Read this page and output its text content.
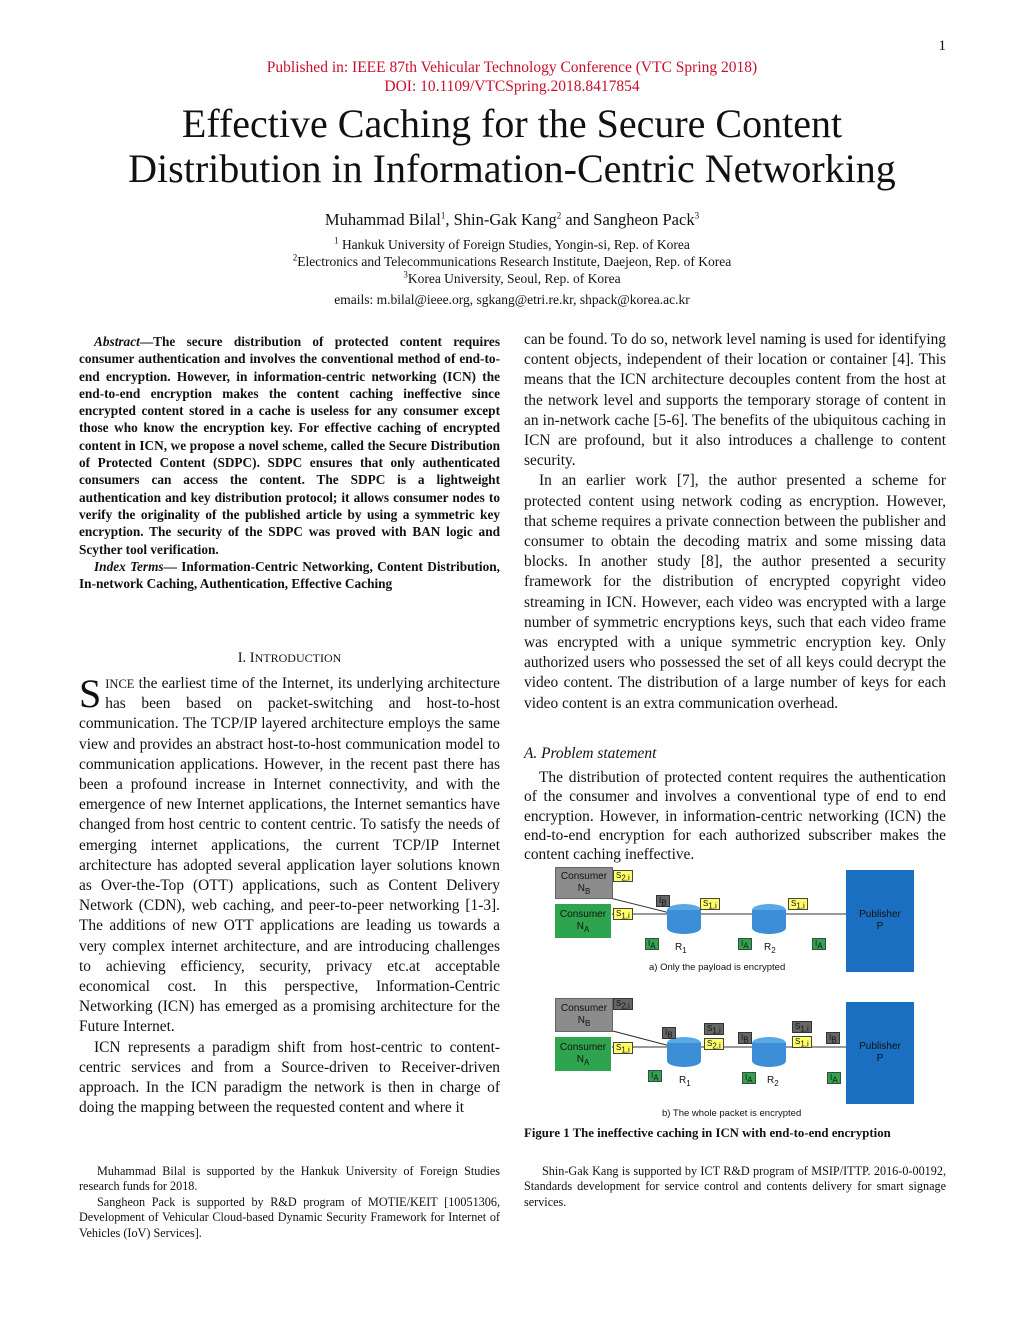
1
Published in: IEEE 87th Vehicular Technology Conference (VTC Spring 2018)
DOI: 10.1109/VTCSpring.2018.8417854
Effective Caching for the Secure Content
Distribution in Information-Centric Networking
Muhammad Bilal$^1$, Shin-Gak Kang$^2$ and Sangheon Pack$^3$
$^1$ Hankuk University of Foreign Studies, Yongin-si, Rep. of Korea
$^2$Electronics and Telecommunications Research Institute, Daejeon, Rep. of Korea
$^3$Korea University, Seoul, Rep. of Korea
emails: m.bilal@ieee.org, sgkang@etri.re.kr, shpack@korea.ac.kr

Abstract—The secure distribution of protected content requires consumer authentication and involves the conventional method of end-to-end encryption. However, in information-centric networking (ICN) the end-to-end encryption makes the content caching ineffective since encrypted content stored in a cache is useless for any consumer except those who know the encryption key. For effective caching of encrypted content in ICN, we propose a novel scheme, called the Secure Distribution of Protected Content (SDPC). SDPC ensures that only authenticated consumers can access the content. The SDPC is a lightweight authentication and key distribution protocol; it allows consumer nodes to verify the originality of the published article by using a symmetric key encryption. The security of the SDPC was proved with BAN logic and Scyther tool verification.

Index Terms— Information-Centric Networking, Content Distribution, In-network Caching, Authentication, Effective Caching

I. INTRODUCTION

SINCE the earliest time of the Internet, its underlying architecture has been based on packet-switching and host-to-host communication. The TCP/IP layered architecture employs the same view and provides an abstract host-to-host communication model to communication applications. However, in the recent past there has been a profound increase in Internet connectivity, and with the emergence of new Internet applications, the Internet semantics have changed from host centric to content centric. To satisfy the needs of emerging internet applications, the current TCP/IP Internet architecture has adopted several application layer solutions known as Over-the-Top (OTT) applications, such as Content Delivery Network (CDN), web caching, and peer-to-peer networking [1-3]. The additions of new OTT applications are leading us towards a very complex internet architecture, and are introducing challenges to achieving efficiency, security, privacy etc.at acceptable economical cost. In this perspective, Information-Centric Networking (ICN) has emerged as a promising architecture for the Future Internet.

ICN represents a paradigm shift from host-centric to content-centric services and from a Source-driven to Receiver-driven approach. In the ICN paradigm the network is then in charge of doing the mapping between the requested content and where it

can be found. To do so, network level naming is used for identifying content objects, independent of their location or container [4]. This means that the ICN architecture decouples content from the host at the network level and supports the temporary storage of content in an in-network cache [5-6]. The benefits of the ubiquitous caching in ICN are profound, but it also introduces a challenge to content security.

In an earlier work [7], the author presented a scheme for protected content using network coding as encryption. However, that scheme requires a private connection between the publisher and consumer to obtain the decoding matrix and some missing data blocks. In another study [8], the author presented a security framework for the distribution of encrypted copyright video streaming in ICN. However, each video was encrypted with a large number of symmetric encryptions keys, such that each video frame was encrypted with a unique symmetric encryption key. Only authorized users who possessed the set of all keys could decrypt the video content. The distribution of a large number of keys for each video content is an extra communication overhead.

A. Problem statement

The distribution of protected content requires the authentication of the consumer and involves a conventional type of end to end encryption. However, in information-centric networking (ICN) the end-to-end encryption for each authorized subscriber makes the content caching ineffective.

Consumer
$N_B$
Consumer
$N_A$
Publisher
P
$S_{2,i}$
$S_{1,i}$
$I_B$	$S_{1,i}$	$S_{1,i}$
$I_A$	$I_A$	$I_A$
$R_1$	$R_2$
a) Only the payload is encrypted
Consumer
$N_B$
Consumer
$N_A$
Publisher
P
$S_{2,i}$
$S_{1,i}$
$I_B$
$S_{1,i}$
$S_{2,i}$
$I_B$
$S_{1,i}$
$S_{1,i}$
$I_B$
$I_A$	$I_A$	$I_A$
$R_1$	$R_2$
b) The whole packet is encrypted
Figure 1 The ineffective caching in ICN with end-to-end encryption

Muhammad Bilal is supported by the Hankuk University of Foreign Studies research funds for 2018.

Sangheon Pack is supported by R&D program of MOTIE/KEIT [10051306, Development of Vehicular Cloud-based Dynamic Security Framework for Internet of Vehicles (IoV) Services].

Shin-Gak Kang is supported by ICT R&D program of MSIP/ITTP. 2016-0-00192, Standards development for service control and contents delivery for smart signage services.
